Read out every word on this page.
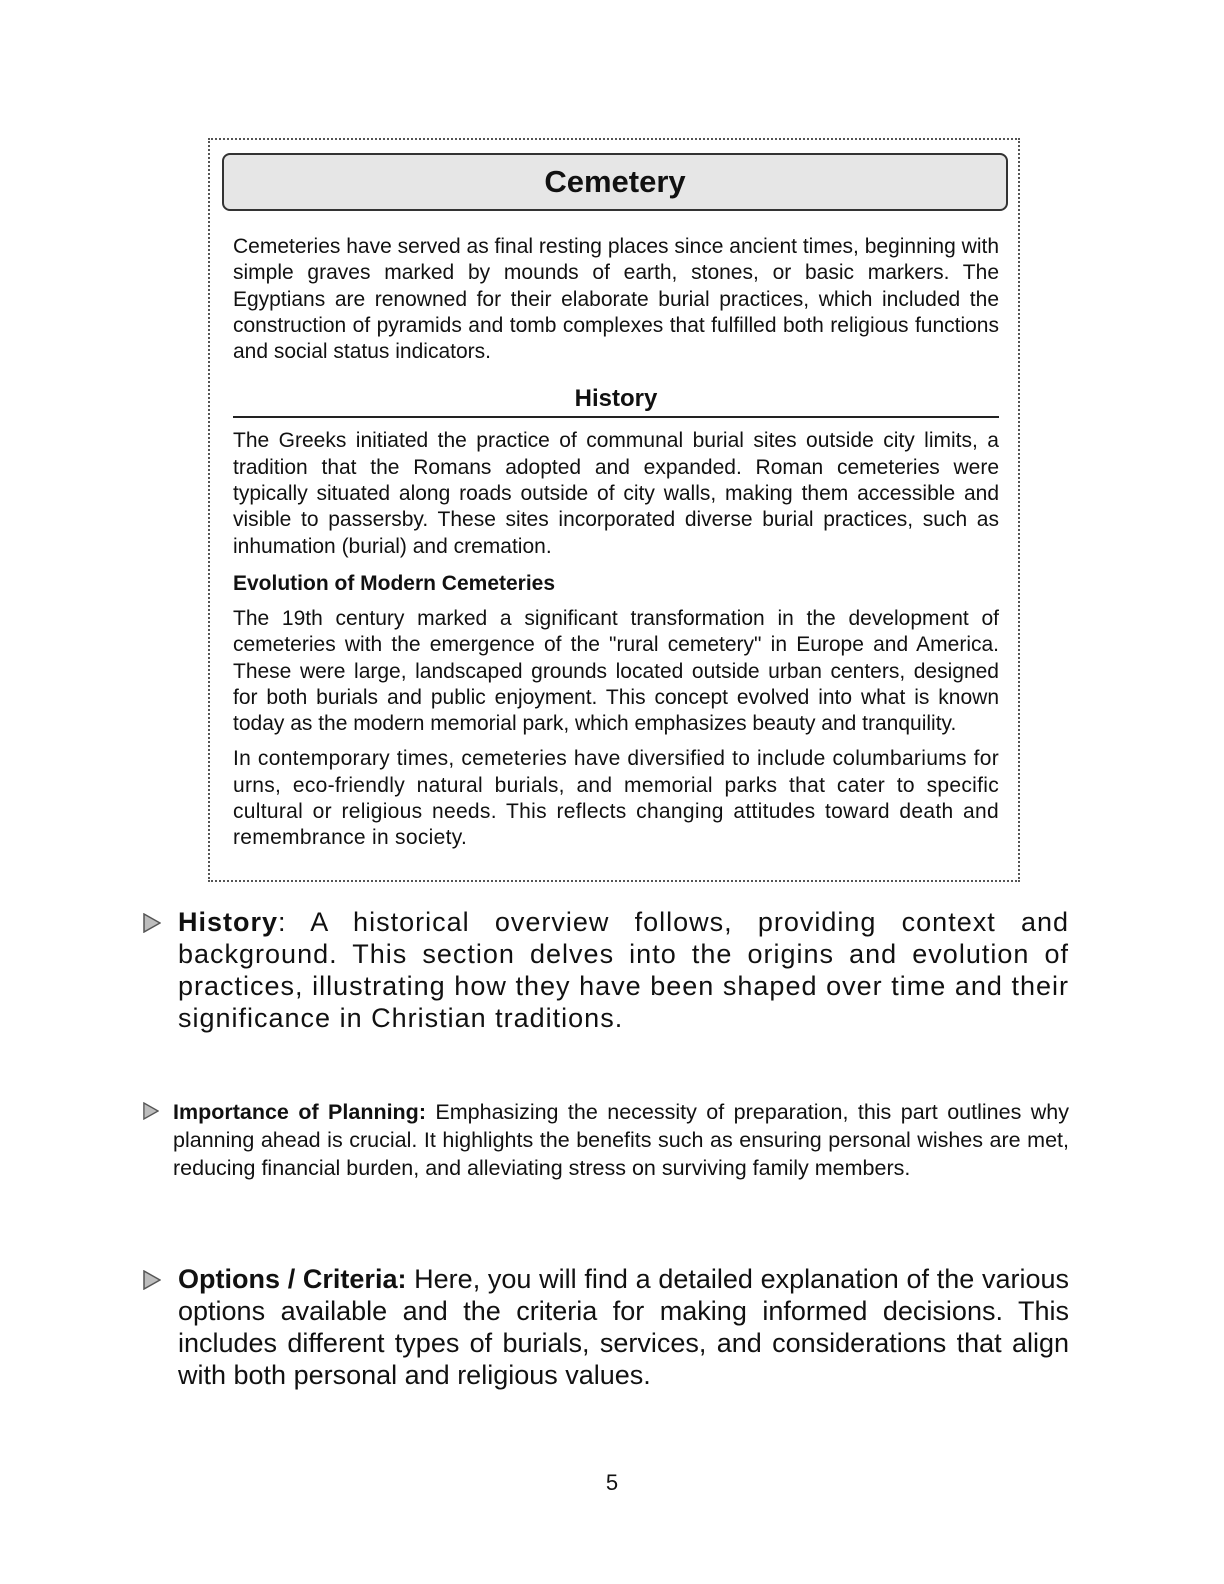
Cemetery

Cemeteries have served as final resting places since ancient times, beginning with simple graves marked by mounds of earth, stones, or basic markers. The Egyptians are renowned for their elaborate burial practices, which included the construction of pyramids and tomb complexes that fulfilled both religious functions and social status indicators.

History

The Greeks initiated the practice of communal burial sites outside city limits, a tradition that the Romans adopted and expanded. Roman cemeteries were typically situated along roads outside of city walls, making them accessible and visible to passersby. These sites incorporated diverse burial practices, such as inhumation (burial) and cremation.

Evolution of Modern Cemeteries

The 19th century marked a significant transformation in the development of cemeteries with the emergence of the "rural cemetery" in Europe and America. These were large, landscaped grounds located outside urban centers, designed for both burials and public enjoyment. This concept evolved into what is known today as the modern memorial park, which emphasizes beauty and tranquility.

In contemporary times, cemeteries have diversified to include columbariums for urns, eco-friendly natural burials, and memorial parks that cater to specific cultural or religious needs. This reflects changing attitudes toward death and remembrance in society.

History: A historical overview follows, providing context and background. This section delves into the origins and evolution of practices, illustrating how they have been shaped over time and their significance in Christian traditions.
Importance of Planning: Emphasizing the necessity of preparation, this part outlines why planning ahead is crucial. It highlights the benefits such as ensuring personal wishes are met, reducing financial burden, and alleviating stress on surviving family members.
Options / Criteria: Here, you will find a detailed explanation of the various options available and the criteria for making informed decisions. This includes different types of burials, services, and considerations that align with both personal and religious values.
5
